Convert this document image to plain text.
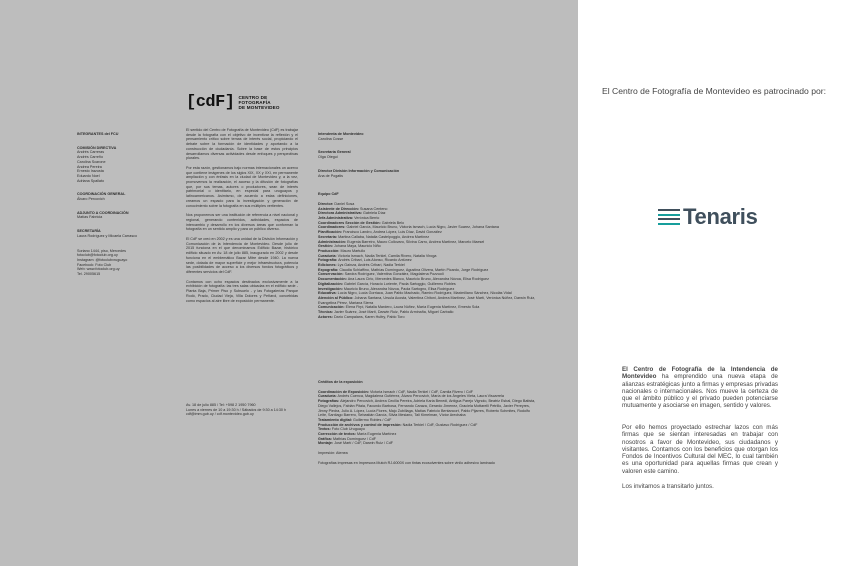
INTEGRANTES del FCU
COMISIÓN DIRECTIVA
Andrés Carreras
Andrés Carreño
Carolina Scarone
Andrea Pereira
Ernesto Irazusta
Eduardo Noel
Adriana Spallato
COORDINACIÓN GENERAL
Álvaro Percovich
ADJUNTO A COORDINACIÓN
Matías Fabricia
SECRETARÍA
Laura Rodríguez y Micaela Carrasco
Soriano 1444, piso, Mercedes
fotoclub@fotoclub.org.uy
Instagram: @fotoclubvruguayo
Facebook: Foto Club
Web: www.fotoclub.org.uy
Tel. 29005615
[cdF] CENTRO DE
FOTOGRAFÍA
DE MONTEVIDEO

El sentido del Centro de Fotografía de Montevideo (CdF) es trabajar desde la fotografía con el objetivo de incentivar la reflexión y el pensamiento crítico sobre temas de interés social, propiciando el debate sobre la formación de identidades y aportando a la construcción de ciudadanía. Sobre la base de estos principios desarrollamos diversas actividades desde enfoques y perspectivas plurales.

Por esta razón, gestionamos bajo normas internacionales un acervo que contiene imágenes de los siglos XIX, XX y XXI, en permanente ampliación y con énfasis en la ciudad de Montevideo y, a la vez, promovemos la realización, el acceso y la difusión de fotografías que, por sus temas, autores o productores, sean de interés patrimonial o identitario, en especial para uruguayos y latinoamericanos. Asimismo, de acuerdo a estas definiciones, creamos un espacio para la investigación y generación de conocimiento sobre la fotografía en sus múltiples vertientes.

Nos proponemos ser una institución de referencia a nivel nacional y regional, generando contenidos, actividades, espacios de intercambio y desarrollo en los diversos áreas que conforman la fotografía en un sentido amplio y para un público diverso.

El CdF se creó en 2002 y es una unidad de la División Información y Comunicación de la Intendencia de Montevideo. Desde julio de 2015 funciona en el que denominamos Edificio Bazar, histórico edificio situado en Av. 18 de julio 885, inaugurado en 2002 y desde funciona en el emblemático Bazar Mitre desde 1940. La nueva sede, dotada de mayor superficie y mejor infraestructura, potencia las posibilidades de acceso a los diversos fondos fotográficos y diferentes servicios del CdF.

Contamos con ocho espacios destinados exclusivamente a la exhibición de fotografía: las tres salas ubicadas en el edificio sede - Planta Baja, Primer Piso y Subsuelo - y las Fotogalerías Parque Rodó, Prado, Ciudad Vieja, Villa Dolores y Peñarol, concebidas como espacios al aire libre de exposición permanente.

Av. 18 de julio 885 / Tel: +598 2 1950 7960
Lunes a viernes de 10 a 19:30 h / Sábados de 9:30 a 14:30 h
cdf@imm.gub.uy / cdf.montevideo.gub.uy
Intendenta de Montevideo
Carolina Cosse
Secretaría General
Olga Otegui
Director División Información y Comunicación
Ana de Pogatis
Equipo CdF
Director: Daniel Sosa
Asistente de Dirección: Susana Centeno
Directora Administrativa: Gabriela Díaz
Jefa Administrativa: Verónica Berrio
Coordinadores Sección de Gestión: Gabriela Belo
Coordinadores: Gabriel García, Mauricio Bruno, Victoria Ismach, Lucía Nigro, Javier Suarez, Johana Santana
Planificación: Francisco Landro, Andrea López, Luis Díaz, David González
Secretaría: Martina Callaba, Natalia Castelpoggio, Andrea Martínez
Administración: Eugenia Barreiro, Mauro Collovaro, Silvina Carro, Andrea Martínez, Marcelo Maesel
Gestión: Johana Maya, Mauricio Niño
Producción: Mauro Martullo
Curaduría: Victoria Ismach, Nadia Terkiel, Camila Rivero, Natalia Viroga
Fotografía: Andrés Cribari, Luis Alonso, Ricardo Antúnez
Ediciones: Lys Gainza, Andrés Cribari, Nadia Terkiel
Expografía: Claudia Schiaffino, Mathías Domínguez, Agustina Olivera, Martín Picardo, Jorge Rodríguez
Conservación: Sandra Rodríguez, Valentina González, Magdalena Pozzuoli
Documentación: Ana Laura Cirio, Mercedes Blanco, Mauricio Bruno, Alexandra Nóvoa, Elisa Rodríguez
Digitalización: Gabriel García, Horacio Loriente, Paola Sartoggio, Guillermo Robles
Investigación: Mauricio Bruno, Alexandra Nóvoa, Paola Sartogno, Elisa Rodríguez
Educativa: Lucía Nigro, Lucía Gorriaca, Juan Pablo Machado, Ramiro Rodríguez, Maximiliano Sánchez, Nicolás Vidal
Atención al Público: Johana Santana, Ursula Acosta, Valentina Chitoni, Andrea Martínez, José Martí, Verónica Núñez, Darwin Ruiz, Evangelina Pérez, Mariana Sierra
Comunicación: Elena Firpi, Natalia Mardero, Laura Núñez, María Eugenia Martínez, Ernesto Sola
Técnica: Javier Suárez, José Martí, Darwin Ruiz, Pablo Arminaña, Miguel Carballo
Actores: Darío Campalans, Karen Hultry, Pablo Toro
Créditos de la exposición
Coordinación de Exposición: Victoria Ismach / CdF, Nadia Terkiel / CdF, Camila Rivero / CdF
Curaduría: Andrés Cuenca, Magdalena Gutiérrez, Álvaro Percovich, María de los Ángeles Vieta, Laura Viscarrela
Fotografías: Alejandro Percovich, Andrea Cecilia Pereira, Adriela Karia Benedi, Antigua Parejo Vignolo, Beatriz Esbal, Diego Batista, Diego Vallejos, Fabián Pitaia, Facundo Barbosa, Fernando Caraza, Gerardo Jimenez, Graciela Mottarelli Petrillo, Javier Pereyres, Jimny Piedra, Julio A. López, Lucía Flores, Majo Zubillaga, Matías Fabricio Bentancort, Pablo Pijarres, Roberto Schmites, Rodolfo Leite, Santiago Barrero, Sebastián García, Silvia Mesiano, Tali Kimelman, Víctor Arechaba
Tratamiento digital: Guillermo Robles / CdF
Producción de archivos y control de impresión: Nadia Terkiel / CdF, Gustavo Rodríguez / CdF
Textos: Foto Club Uruguayo
Corrección de textos: María Eugenia Martínez
Gráfica: Mathías Domínguez / CdF
Montaje: José Martí / CdF, Darwin Ruiz / CdF
Impresión: Atenea
Fotografías impresas en Impresora Mutoh RJ-6000X con tintas ecosolventes sobre vinilo adhesivo laminado
El Centro de Fotografía de Montevideo es patrocinado por:
Tenaris
El Centro de Fotografía de la Intendencia de Montevideo ha emprendido una nueva etapa de alianzas estratégicas junto a firmas y empresas privadas nacionales o internacionales. Nos mueve la certeza de que el ámbito público y el privado pueden potenciarse mutuamente y asociarse en imagen, sentido y valores.
Por ello hemos proyectado estrechar lazos con más firmas que se sientan interesadas en trabajar con nosotros a favor de Montevideo, sus ciudadanos y visitantes. Contamos con los beneficios que otorgan los Fondos de Incentivos Cultural del MEC, lo cual también es una oportunidad para aquellas firmas que crean y valoren este camino.
Los invitamos a transitarlo juntos.
